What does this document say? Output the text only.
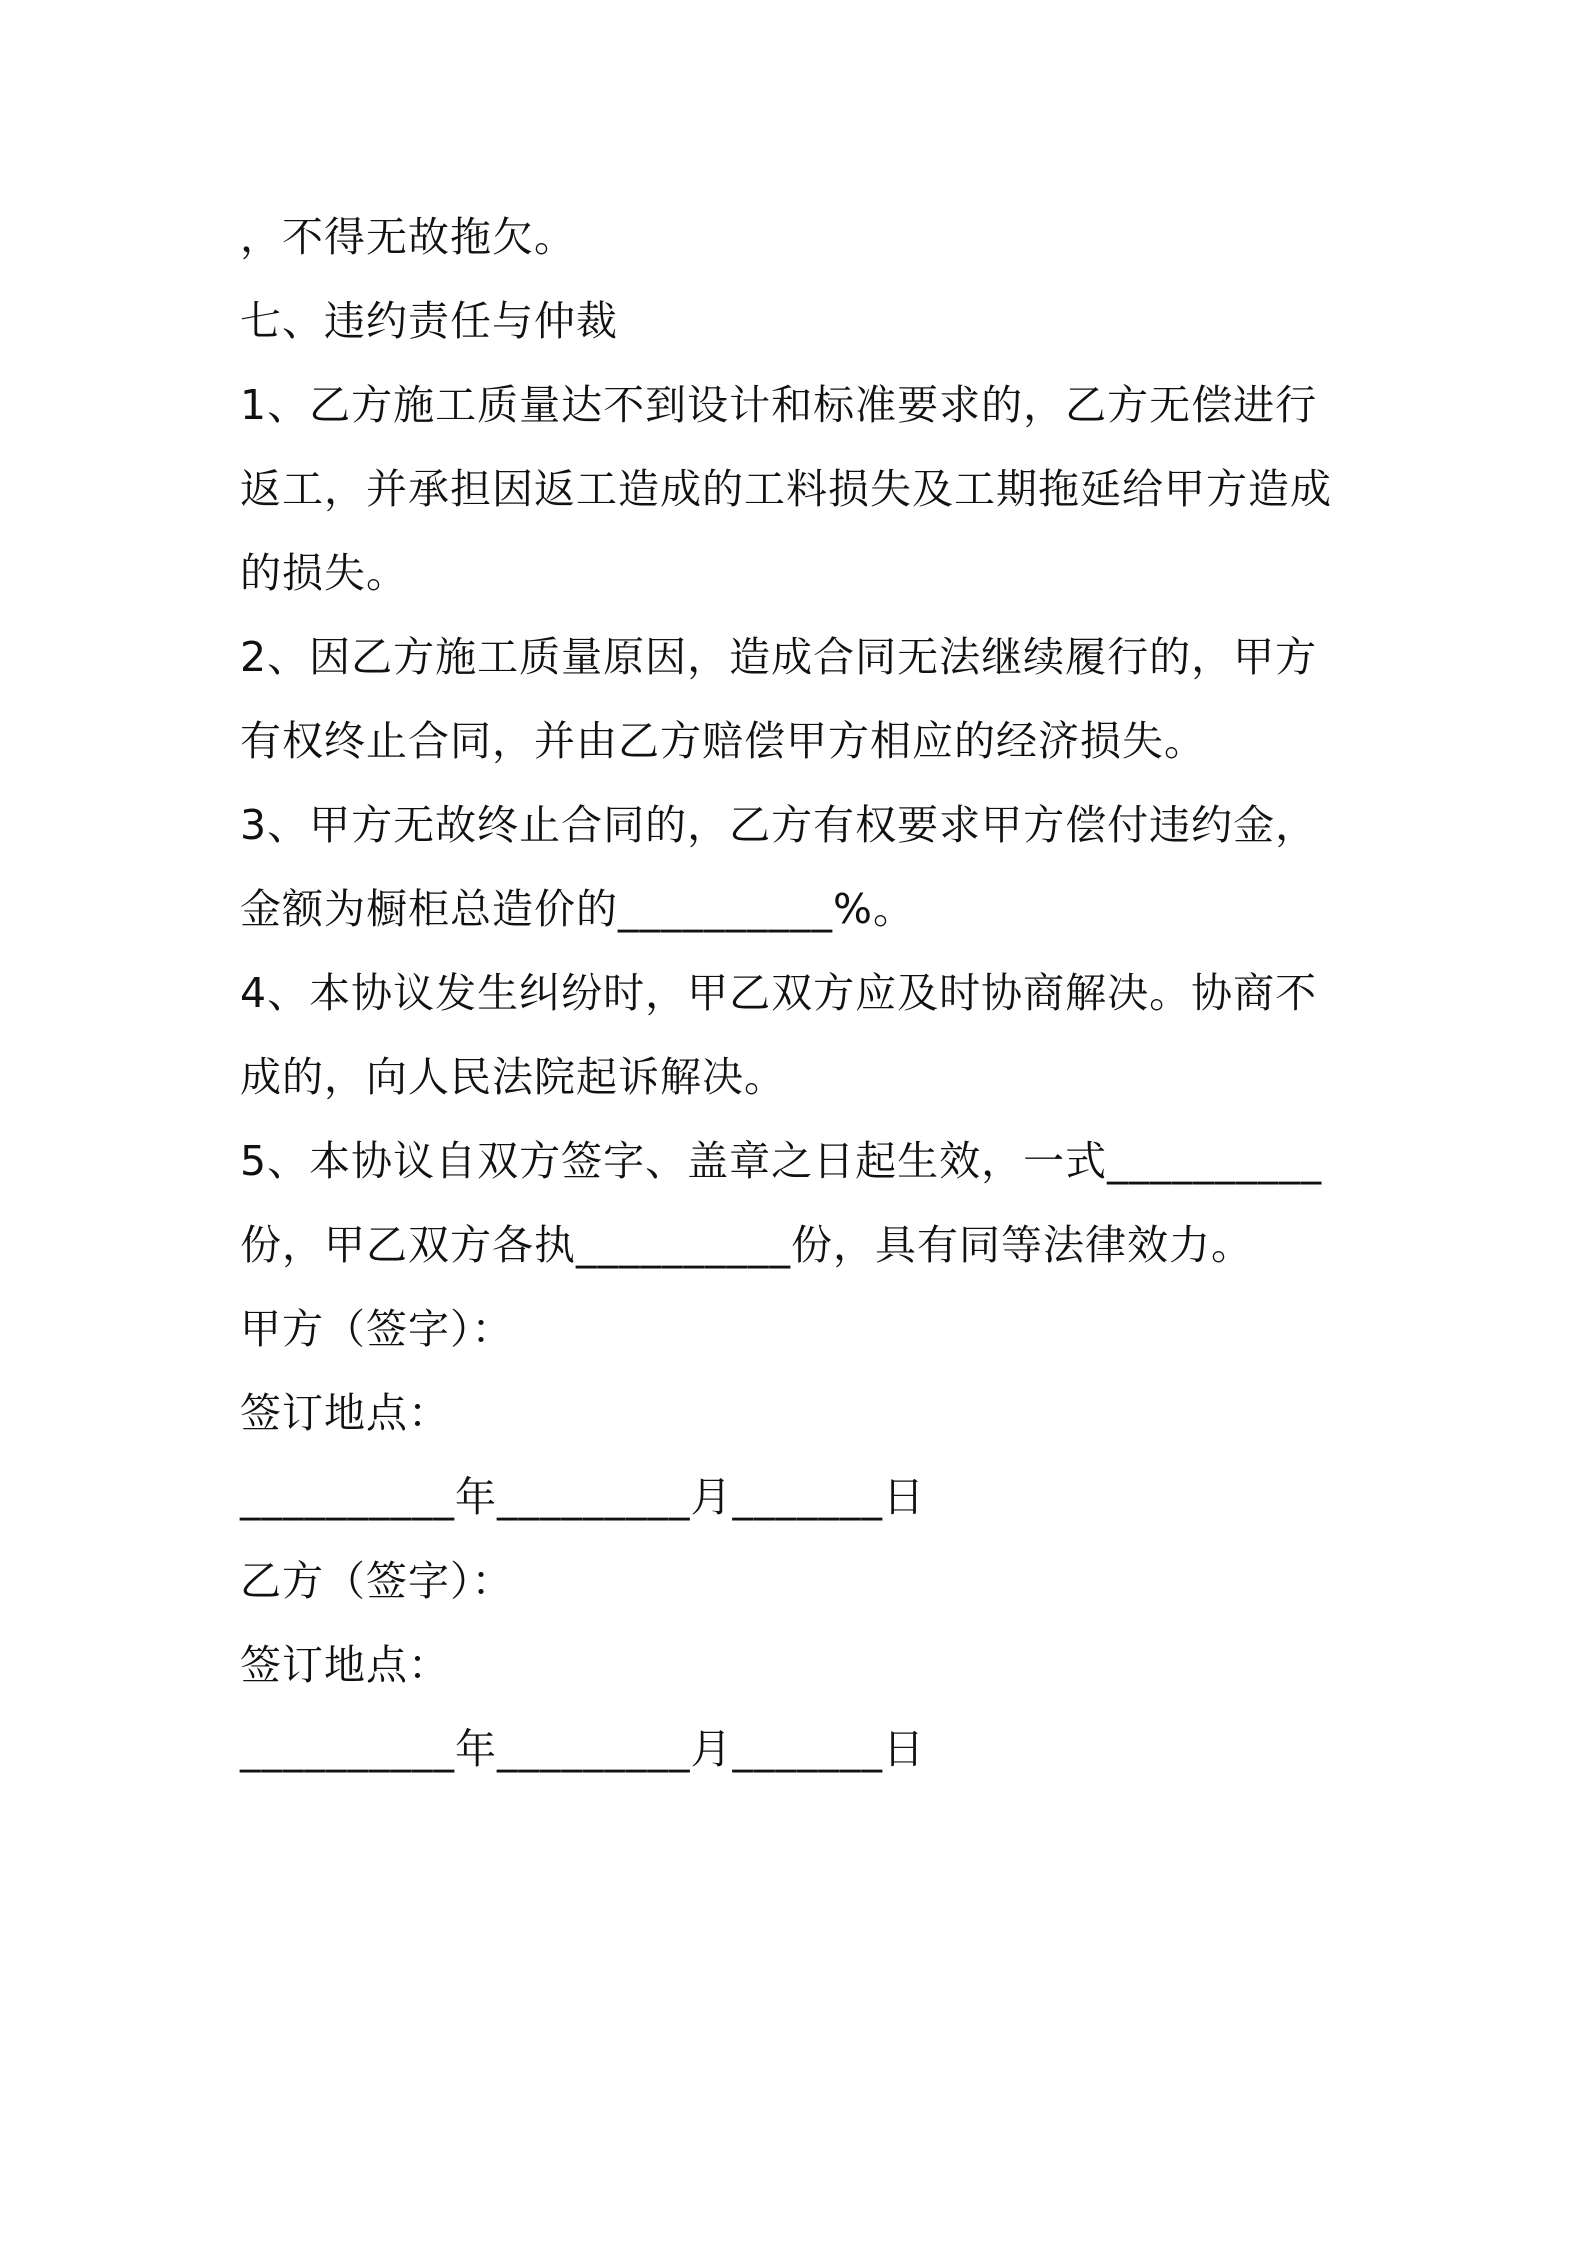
，不得无故拖欠。
七、违约责任与仲裁
1、乙方施工质量达不到设计和标准要求的，乙方无偿进行
返工，并承担因返工造成的工料损失及工期拖延给甲方造成
的损失。
2、因乙方施工质量原因，造成合同无法继续履行的，甲方
有权终止合同，并由乙方赔偿甲方相应的经济损失。
3、甲方无故终止合同的，乙方有权要求甲方偿付违约金，
金额为橱柜总造价的__________%。
4、本协议发生纠纷时，甲乙双方应及时协商解决。协商不
成的，向人民法院起诉解决。
5、本协议自双方签字、盖章之日起生效，一式__________
份，甲乙双方各执__________份，具有同等法律效力。
甲方（签字）：
签订地点：
__________年_________月_______日
乙方（签字）：
签订地点：
__________年_________月_______日
